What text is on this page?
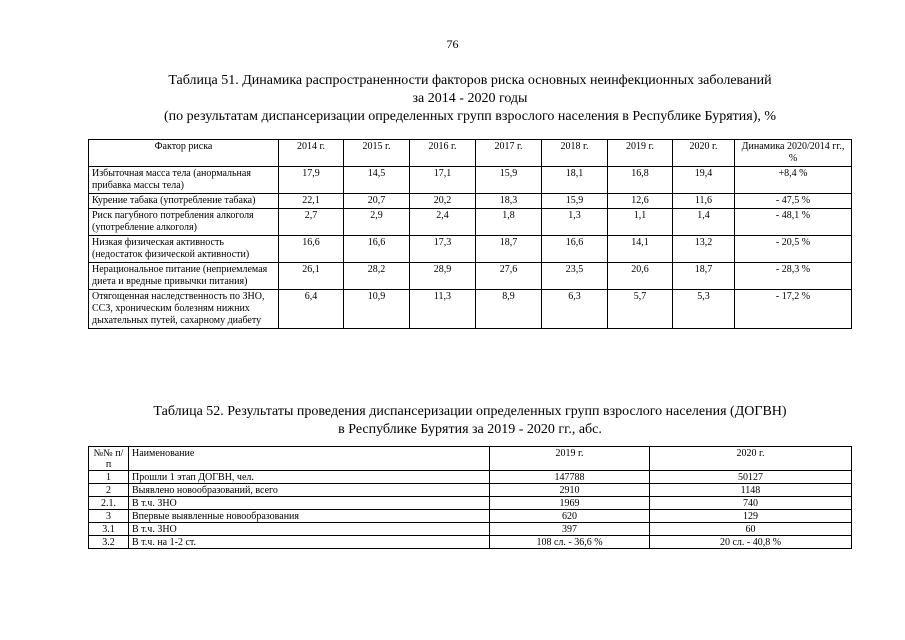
76
Таблица 51. Динамика распространенности факторов риска основных неинфекционных заболеваний
за 2014 - 2020 годы
(по результатам диспансеризации определенных групп взрослого населения в Республике Бурятия), %
Фактор риска	2014 г.	2015 г.	2016 г.	2017 г.	2018 г.	2019 г.	2020 г.	Динамика 2020/2014 гг., %
Избыточная масса тела (анормальная прибавка массы тела)	17,9	14,5	17,1	15,9	18,1	16,8	19,4	+8,4 %
Курение табака (употребление табака)	22,1	20,7	20,2	18,3	15,9	12,6	11,6	- 47,5 %
Риск пагубного потребления алкоголя (употребление алкоголя)	2,7	2,9	2,4	1,8	1,3	1,1	1,4	- 48,1 %
Низкая физическая активность (недостаток физической активности)	16,6	16,6	17,3	18,7	16,6	14,1	13,2	- 20,5 %
Нерациональное питание (неприемлемая диета и вредные привычки питания)	26,1	28,2	28,9	27,6	23,5	20,6	18,7	- 28,3 %
Отягощенная наследственность по ЗНО, ССЗ, хроническим болезням нижних дыхательных путей, сахарному диабету	6,4	10,9	11,3	8,9	6,3	5,7	5,3	- 17,2 %
Таблица 52. Результаты проведения диспансеризации определенных групп взрослого населения (ДОГВН)
в Республике Бурятия за 2019 - 2020 гг., абс.
№№ п/п	Наименование	2019 г.	2020 г.
1	Прошли 1 этап ДОГВН, чел.	147788	50127
2	Выявлено новообразований, всего	2910	1148
2.1.	В т.ч. ЗНО	1969	740
3	Впервые выявленные новообразования	620	129
3.1	В т.ч. ЗНО	397	60
3.2	В т.ч. на 1-2 ст.	108 сл. - 36,6 %	20 сл. - 40,8 %
